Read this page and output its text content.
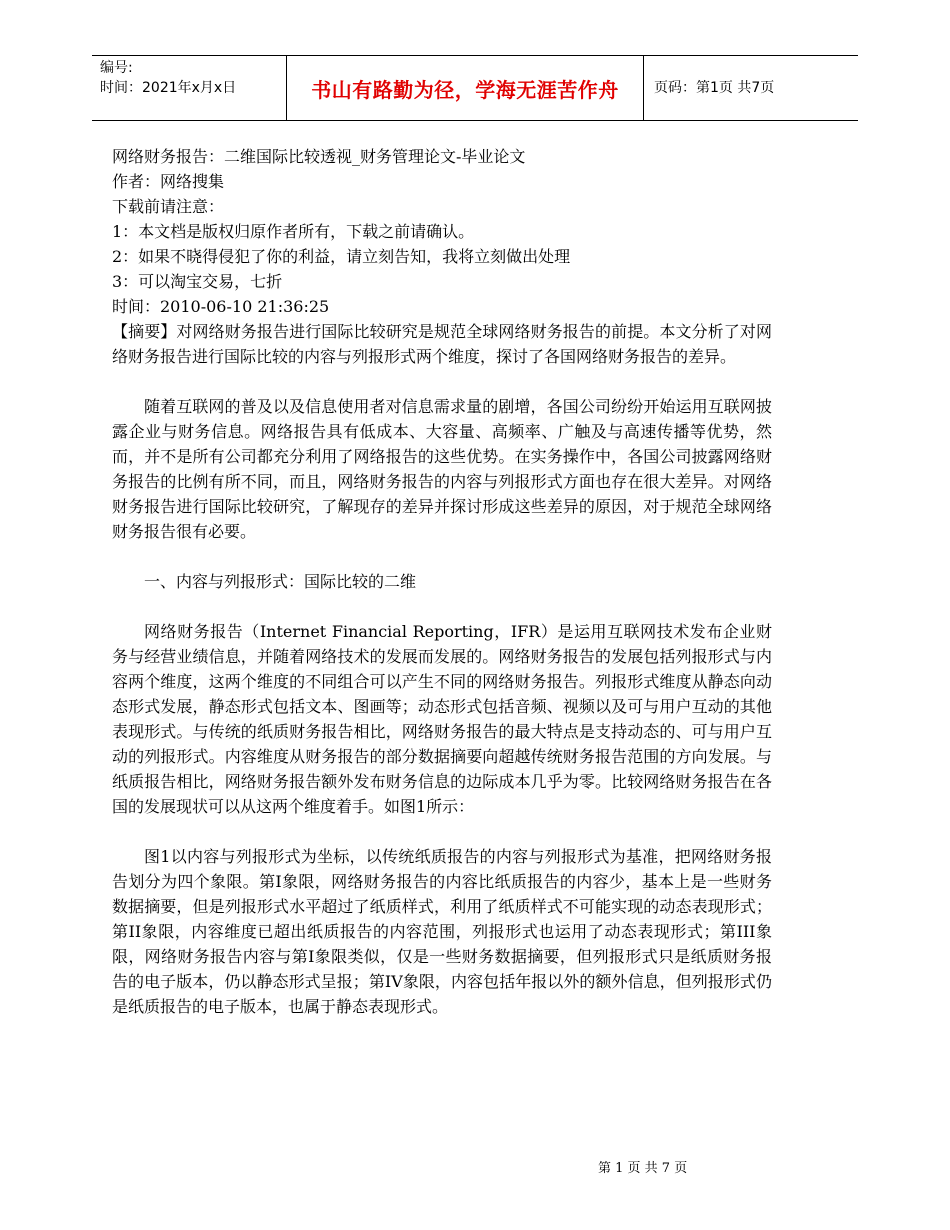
编号:
时间：2021年x月x日	书山有路勤为径，学海无涯苦作舟	页码：第1页 共7页

网络财务报告：二维国际比较透视_财务管理论文-毕业论文

作者：网络搜集

下载前请注意：

1：本文档是版权归原作者所有，下载之前请确认。

2：如果不晓得侵犯了你的利益，请立刻告知，我将立刻做出处理

3：可以淘宝交易，七折

时间：2010-06-10 21:36:25

【摘要】对网络财务报告进行国际比较研究是规范全球网络财务报告的前提。本文分析了对网络财务报告进行国际比较的内容与列报形式两个维度，探讨了各国网络财务报告的差异。

随着互联网的普及以及信息使用者对信息需求量的剧增，各国公司纷纷开始运用互联网披露企业与财务信息。网络报告具有低成本、大容量、高频率、广触及与高速传播等优势，然而，并不是所有公司都充分利用了网络报告的这些优势。在实务操作中，各国公司披露网络财务报告的比例有所不同，而且，网络财务报告的内容与列报形式方面也存在很大差异。对网络财务报告进行国际比较研究，了解现存的差异并探讨形成这些差异的原因，对于规范全球网络财务报告很有必要。

一、内容与列报形式：国际比较的二维

网络财务报告（Internet Financial Reporting，IFR）是运用互联网技术发布企业财务与经营业绩信息，并随着网络技术的发展而发展的。网络财务报告的发展包括列报形式与内容两个维度，这两个维度的不同组合可以产生不同的网络财务报告。列报形式维度从静态向动态形式发展，静态形式包括文本、图画等；动态形式包括音频、视频以及可与用户互动的其他表现形式。与传统的纸质财务报告相比，网络财务报告的最大特点是支持动态的、可与用户互动的列报形式。内容维度从财务报告的部分数据摘要向超越传统财务报告范围的方向发展。与纸质报告相比，网络财务报告额外发布财务信息的边际成本几乎为零。比较网络财务报告在各国的发展现状可以从这两个维度着手。如图1所示：

图1以内容与列报形式为坐标，以传统纸质报告的内容与列报形式为基准，把网络财务报告划分为四个象限。第I象限，网络财务报告的内容比纸质报告的内容少，基本上是一些财务数据摘要，但是列报形式水平超过了纸质样式，利用了纸质样式不可能实现的动态表现形式；第II象限，内容维度已超出纸质报告的内容范围，列报形式也运用了动态表现形式；第III象限，网络财务报告内容与第I象限类似，仅是一些财务数据摘要，但列报形式只是纸质财务报告的电子版本，仍以静态形式呈报；第IV象限，内容包括年报以外的额外信息，但列报形式仍是纸质报告的电子版本，也属于静态表现形式。

第 1 页 共 7 页
